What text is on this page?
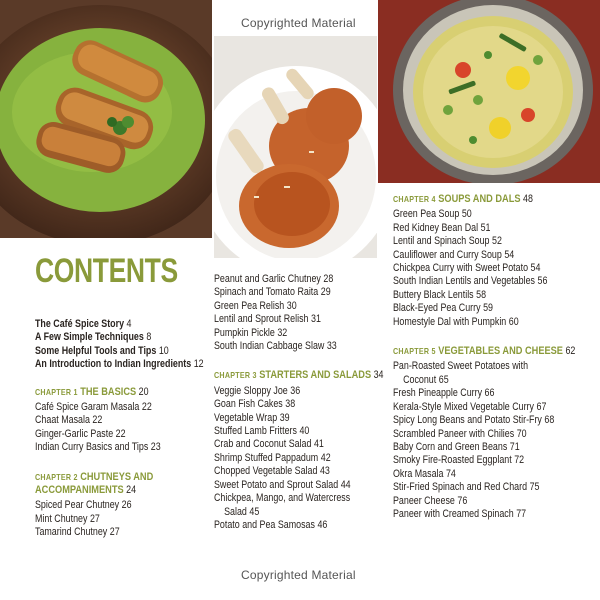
Copyrighted Material
Copyrighted Material
CONTENTS
The Café Spice Story 4
A Few Simple Techniques 8
Some Helpful Tools and Tips 10
An Introduction to Indian Ingredients 12
CHAPTER 1 THE BASICS 20
Café Spice Garam Masala 22
Chaat Masala 22
Ginger-Garlic Paste 22
Indian Curry Basics and Tips 23
CHAPTER 2 CHUTNEYS AND
ACCOMPANIMENTS 24
Spiced Pear Chutney 26
Mint Chutney 27
Tamarind Chutney 27
Peanut and Garlic Chutney 28
Spinach and Tomato Raita 29
Green Pea Relish 30
Lentil and Sprout Relish 31
Pumpkin Pickle 32
South Indian Cabbage Slaw 33
CHAPTER 3 STARTERS AND SALADS 34
Veggie Sloppy Joe 36
Goan Fish Cakes 38
Vegetable Wrap 39
Stuffed Lamb Fritters 40
Crab and Coconut Salad 41
Shrimp Stuffed Pappadum 42
Chopped Vegetable Salad 43
Sweet Potato and Sprout Salad 44
Chickpea, Mango, and Watercress
Salad 45
Potato and Pea Samosas 46
CHAPTER 4 SOUPS AND DALS 48
Green Pea Soup 50
Red Kidney Bean Dal 51
Lentil and Spinach Soup 52
Cauliflower and Curry Soup 54
Chickpea Curry with Sweet Potato 54
South Indian Lentils and Vegetables 56
Buttery Black Lentils 58
Black-Eyed Pea Curry 59
Homestyle Dal with Pumpkin 60
CHAPTER 5 VEGETABLES AND CHEESE 62
Pan-Roasted Sweet Potatoes with
Coconut 65
Fresh Pineapple Curry 66
Kerala-Style Mixed Vegetable Curry 67
Spicy Long Beans and Potato Stir-Fry 68
Scrambled Paneer with Chilies 70
Baby Corn and Green Beans 71
Smoky Fire-Roasted Eggplant 72
Okra Masala 74
Stir-Fried Spinach and Red Chard 75
Paneer Cheese 76
Paneer with Creamed Spinach 77
